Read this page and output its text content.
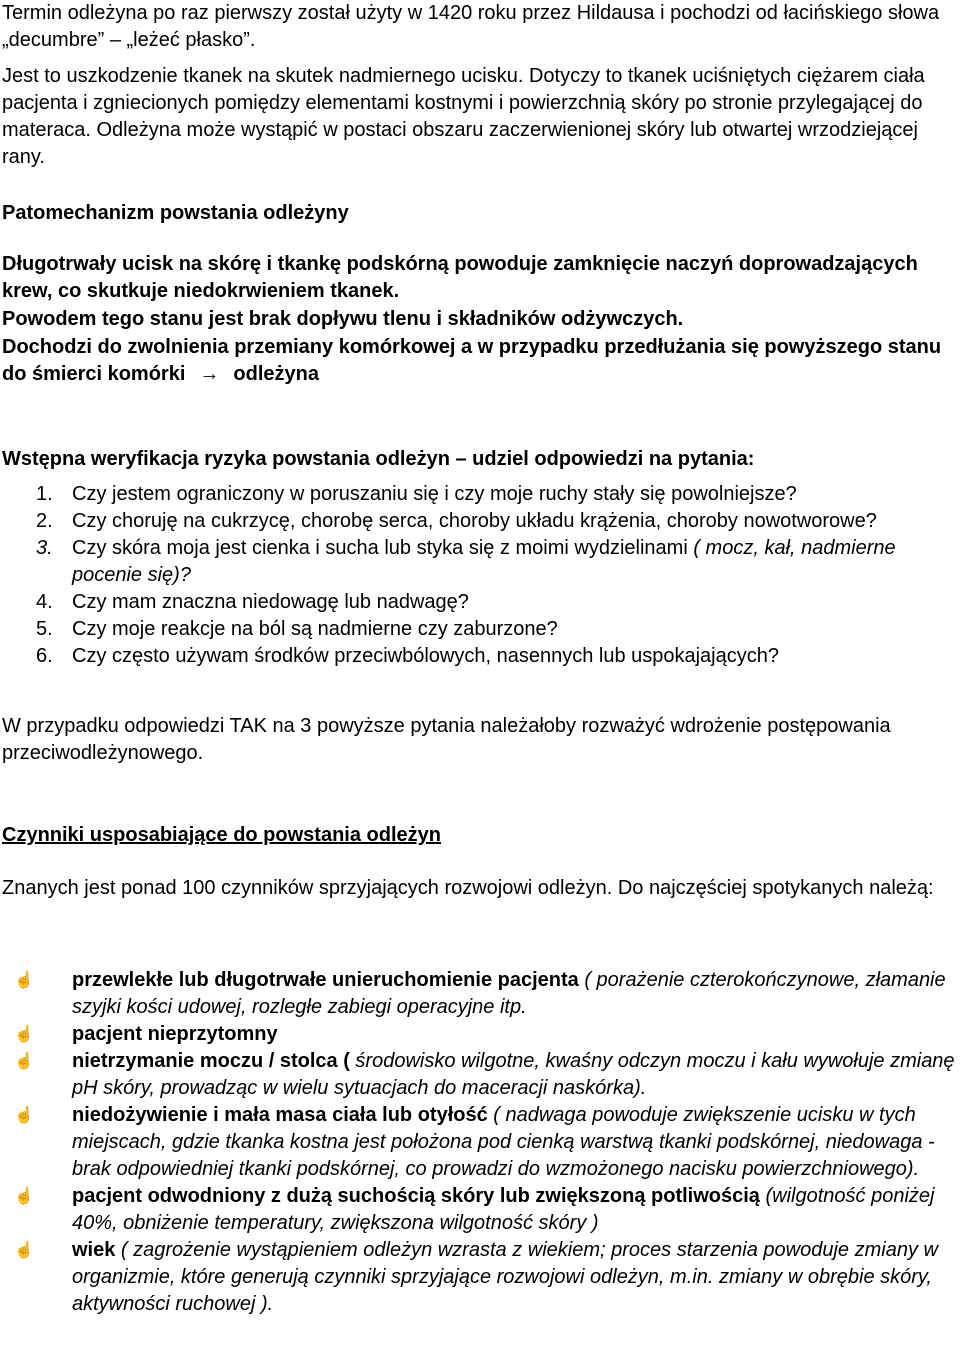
Termin odleżyna po raz pierwszy został użyty w 1420 roku przez Hildausa i pochodzi od łacińskiego słowa „decumbre” – „leżeć płasko”.

Jest to uszkodzenie tkanek na skutek nadmiernego ucisku. Dotyczy to tkanek uciśniętych ciężarem ciała pacjenta i zgniecionych pomiędzy elementami kostnymi i powierzchnią skóry po stronie przylegającej do materaca. Odleżyna może wystąpić w postaci obszaru zaczerwienionej skóry lub otwartej wrzodziejącej rany.

Patomechanizm powstania odleżyny

Długotrwały ucisk na skórę i tkankę podskórną powoduje zamknięcie naczyń doprowadzających krew, co skutkuje niedokrwieniem tkanek.

Powodem tego stanu jest brak dopływu tlenu i składników odżywczych.

Dochodzi do zwolnienia przemiany komórkowej a w przypadku przedłużania się powyższego stanu do śmierci komórki → odleżyna

Wstępna weryfikacja ryzyka powstania odleżyn – udziel odpowiedzi na pytania:

1. Czy jestem ograniczony w poruszaniu się i czy moje ruchy stały się powolniejsze?
2. Czy choruję na cukrzycę, chorobę serca, choroby układu krążenia, choroby nowotworowe?
3. Czy skóra moja jest cienka i sucha lub styka się z moimi wydzielinami ( mocz, kał, nadmierne pocenie się)?
4. Czy mam znaczna niedowagę lub nadwagę?
5. Czy moje reakcje na ból są nadmierne czy zaburzone?
6. Czy często używam środków przeciwbólowych, nasennych lub uspokajających?

W przypadku odpowiedzi TAK na 3 powyższe pytania należałoby rozważyć wdrożenie postępowania przeciwodleżynowego.

Czynniki usposabiające do powstania odleżyn

Znanych jest ponad 100 czynników sprzyjających rozwojowi odleżyn. Do najczęściej spotykanych należą:

☝ przewlekłe lub długotrwałe unieruchomienie pacjenta ( porażenie czterokończynowe, złamanie szyjki kości udowej, rozległe zabiegi operacyjne itp.
☝ pacjent nieprzytomny
☝ nietrzymanie moczu / stolca ( środowisko wilgotne, kwaśny odczyn moczu i kału wywołuje zmianę pH skóry, prowadząc w wielu sytuacjach do maceracji naskórka).
☝ niedożywienie i mała masa ciała lub otyłość ( nadwaga powoduje zwiększenie ucisku w tych miejscach, gdzie tkanka kostna jest położona pod cienką warstwą tkanki podskórnej, niedowaga - brak odpowiedniej tkanki podskórnej, co prowadzi do wzmożonego nacisku powierzchniowego).
☝ pacjent odwodniony z dużą suchością skóry lub zwiększoną potliwością (wilgotność poniżej 40%, obniżenie temperatury, zwiększona wilgotność skóry )
☝ wiek ( zagrożenie wystąpieniem odleżyn wzrasta z wiekiem; proces starzenia powoduje zmiany w organizmie, które generują czynniki sprzyjające rozwojowi odleżyn, m.in. zmiany w obrębie skóry, aktywności ruchowej ).
